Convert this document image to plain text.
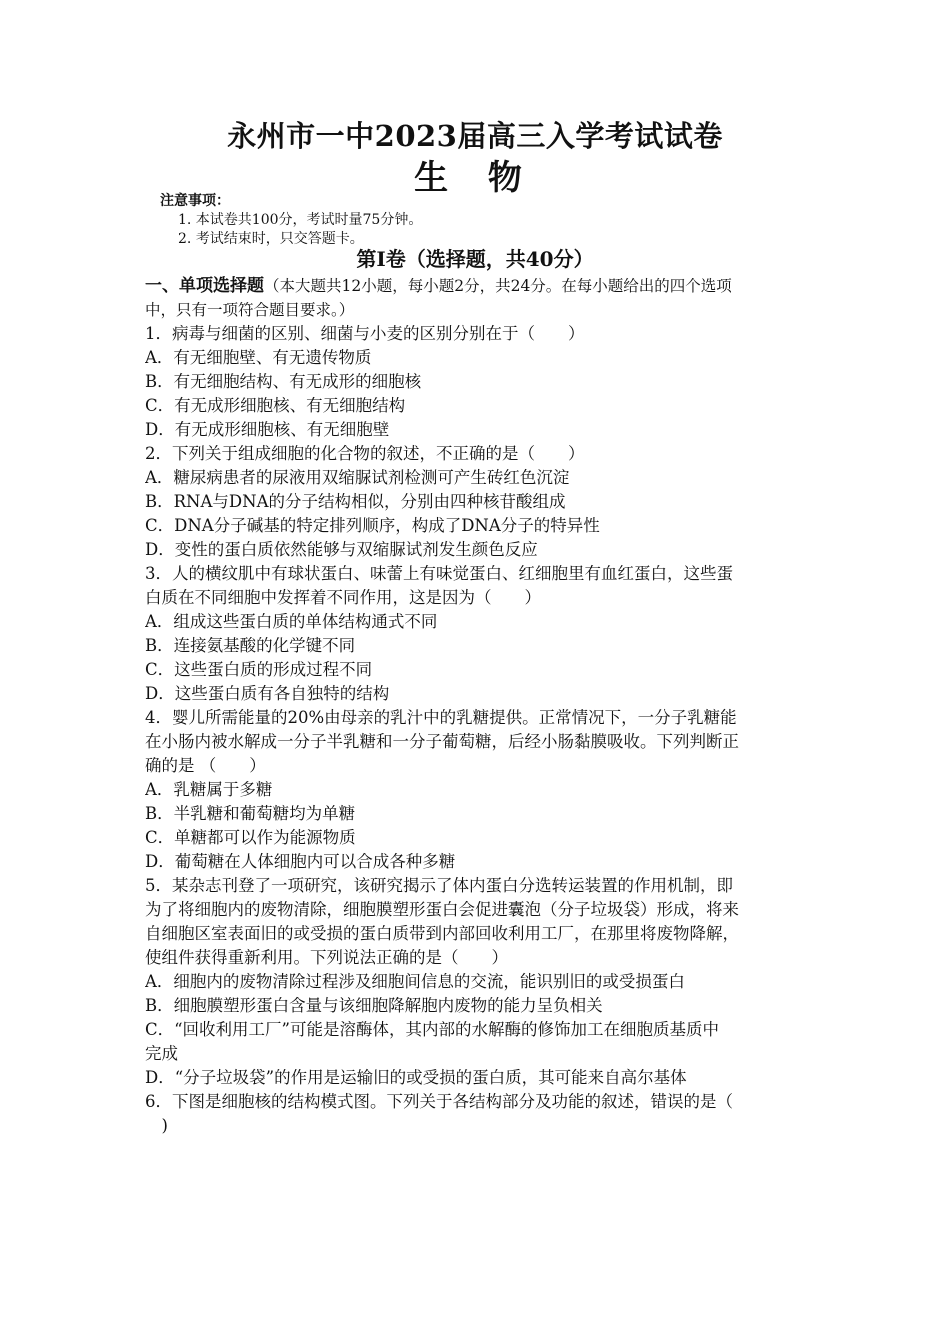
永州市一中2023届高三入学考试试卷
生 物
注意事项：
1. 本试卷共100分，考试时量75分钟。
2. 考试结束时，只交答题卡。
第Ⅰ卷（选择题，共40分）
一、单项选择题（本大题共12小题，每小题2分，共24分。在每小题给出的四个选项
中，只有一项符合题目要求。）
1．病毒与细菌的区别、细菌与小麦的区别分别在于（　　）
A．有无细胞壁、有无遗传物质
B．有无细胞结构、有无成形的细胞核
C．有无成形细胞核、有无细胞结构
D．有无成形细胞核、有无细胞壁
2．下列关于组成细胞的化合物的叙述，不正确的是（　　）
A．糖尿病患者的尿液用双缩脲试剂检测可产生砖红色沉淀
B．RNA与DNA的分子结构相似，分别由四种核苷酸组成
C．DNA分子碱基的特定排列顺序，构成了DNA分子的特异性
D．变性的蛋白质依然能够与双缩脲试剂发生颜色反应
3．人的横纹肌中有球状蛋白、味蕾上有味觉蛋白、红细胞里有血红蛋白，这些蛋
白质在不同细胞中发挥着不同作用，这是因为（　　）
A．组成这些蛋白质的单体结构通式不同
B．连接氨基酸的化学键不同
C．这些蛋白质的形成过程不同
D．这些蛋白质有各自独特的结构
4．婴儿所需能量的20%由母亲的乳汁中的乳糖提供。正常情况下，一分子乳糖能
在小肠内被水解成一分子半乳糖和一分子葡萄糖，后经小肠黏膜吸收。下列判断正
确的是 （　　）
A．乳糖属于多糖
B．半乳糖和葡萄糖均为单糖
C．单糖都可以作为能源物质
D．葡萄糖在人体细胞内可以合成各种多糖
5．某杂志刊登了一项研究，该研究揭示了体内蛋白分选转运装置的作用机制，即
为了将细胞内的废物清除，细胞膜塑形蛋白会促进囊泡（分子垃圾袋）形成，将来
自细胞区室表面旧的或受损的蛋白质带到内部回收利用工厂，在那里将废物降解，
使组件获得重新利用。下列说法正确的是（　　）
A．细胞内的废物清除过程涉及细胞间信息的交流，能识别旧的或受损蛋白
B．细胞膜塑形蛋白含量与该细胞降解胞内废物的能力呈负相关
C．“回收利用工厂”可能是溶酶体，其内部的水解酶的修饰加工在细胞质基质中
完成
D．“分子垃圾袋”的作用是运输旧的或受损的蛋白质，其可能来自高尔基体
6．下图是细胞核的结构模式图。下列关于各结构部分及功能的叙述，错误的是（
　)
